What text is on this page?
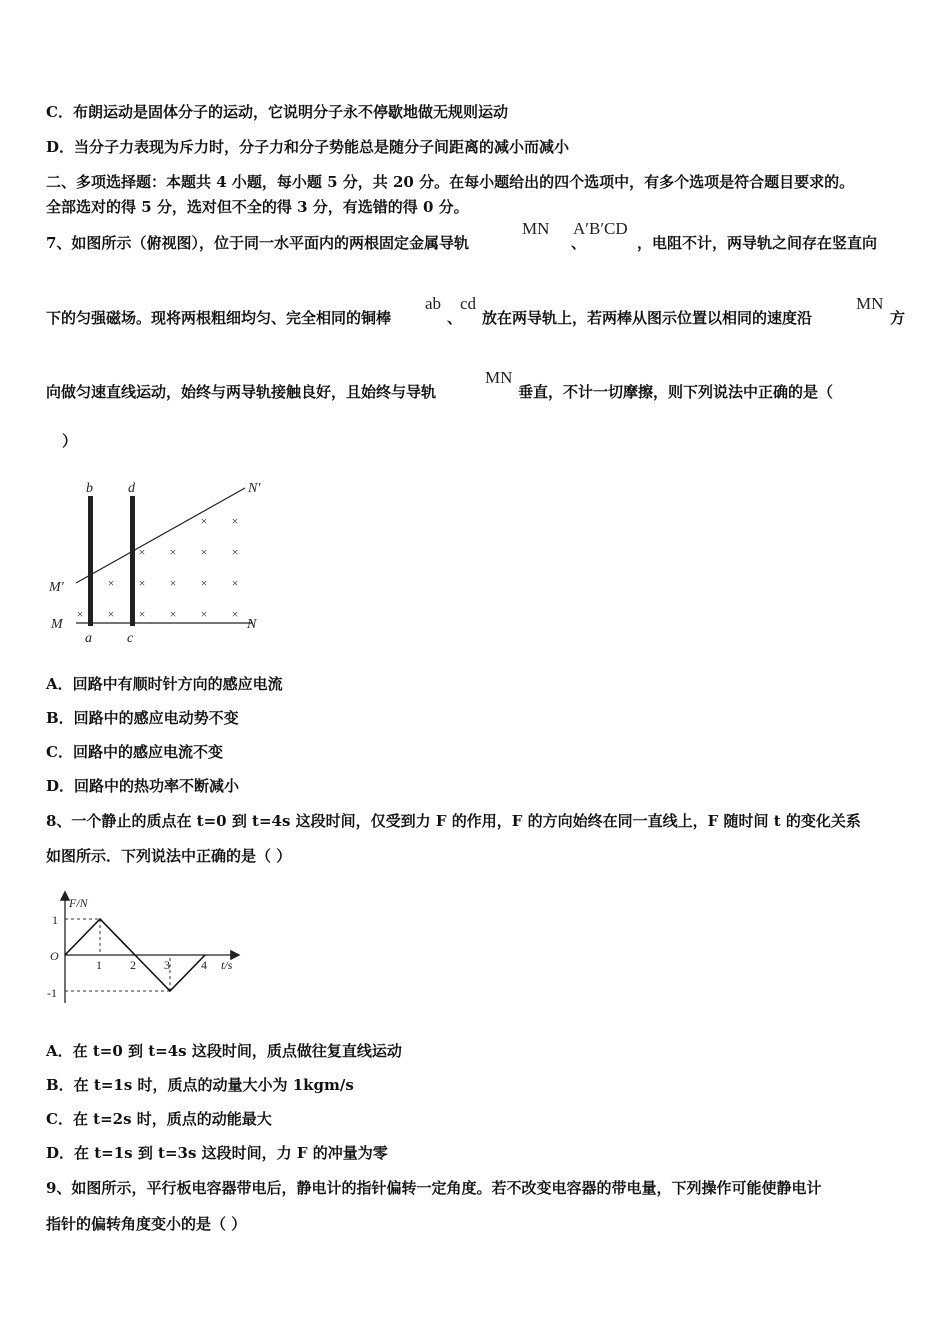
C．布朗运动是固体分子的运动，它说明分子永不停歇地做无规则运动
D．当分子力表现为斥力时，分子力和分子势能总是随分子间距离的减小而减小
二、多项选择题：本题共 4 小题，每小题 5 分，共 20 分。在每小题给出的四个选项中，有多个选项是符合题目要求的。
全部选对的得 5 分，选对但不全的得 3 分，有选错的得 0 分。
7、如图所示（俯视图），位于同一水平面内的两根固定金属导轨
MN
、
A′B′CD
，电阻不计，两导轨之间存在竖直向
下的匀强磁场。现将两根粗细均匀、完全相同的铜棒
ab
、
cd
放在两导轨上，若两棒从图示位置以相同的速度沿
MN
方
向做匀速直线运动，始终与两导轨接触良好，且始终与导轨
MN
垂直，不计一切摩擦，则下列说法中正确的是（
）
b	d
a	c
M′
M
N′
N
× × × × × ×
× × × × ×
× × × ×
× ×
A．回路中有顺时针方向的感应电流
B．回路中的感应电动势不变
C．回路中的感应电流不变
D．回路中的热功率不断减小
8、一个静止的质点在 t=0 到 t=4s 这段时间，仅受到力 F 的作用，F 的方向始终在同一直线上，F 随时间 t 的变化关系
如图所示．下列说法中正确的是（ ）
F/N
t/s
O
1
-1
1 2 3	4
A．在 t=0 到 t=4s 这段时间，质点做往复直线运动
B．在 t=1s 时，质点的动量大小为 1kgm/s
C．在 t=2s 时，质点的动能最大
D．在 t=1s 到 t=3s 这段时间，力 F 的冲量为零
9、如图所示，平行板电容器带电后，静电计的指针偏转一定角度。若不改变电容器的带电量，下列操作可能使静电计
指针的偏转角度变小的是（ ）
